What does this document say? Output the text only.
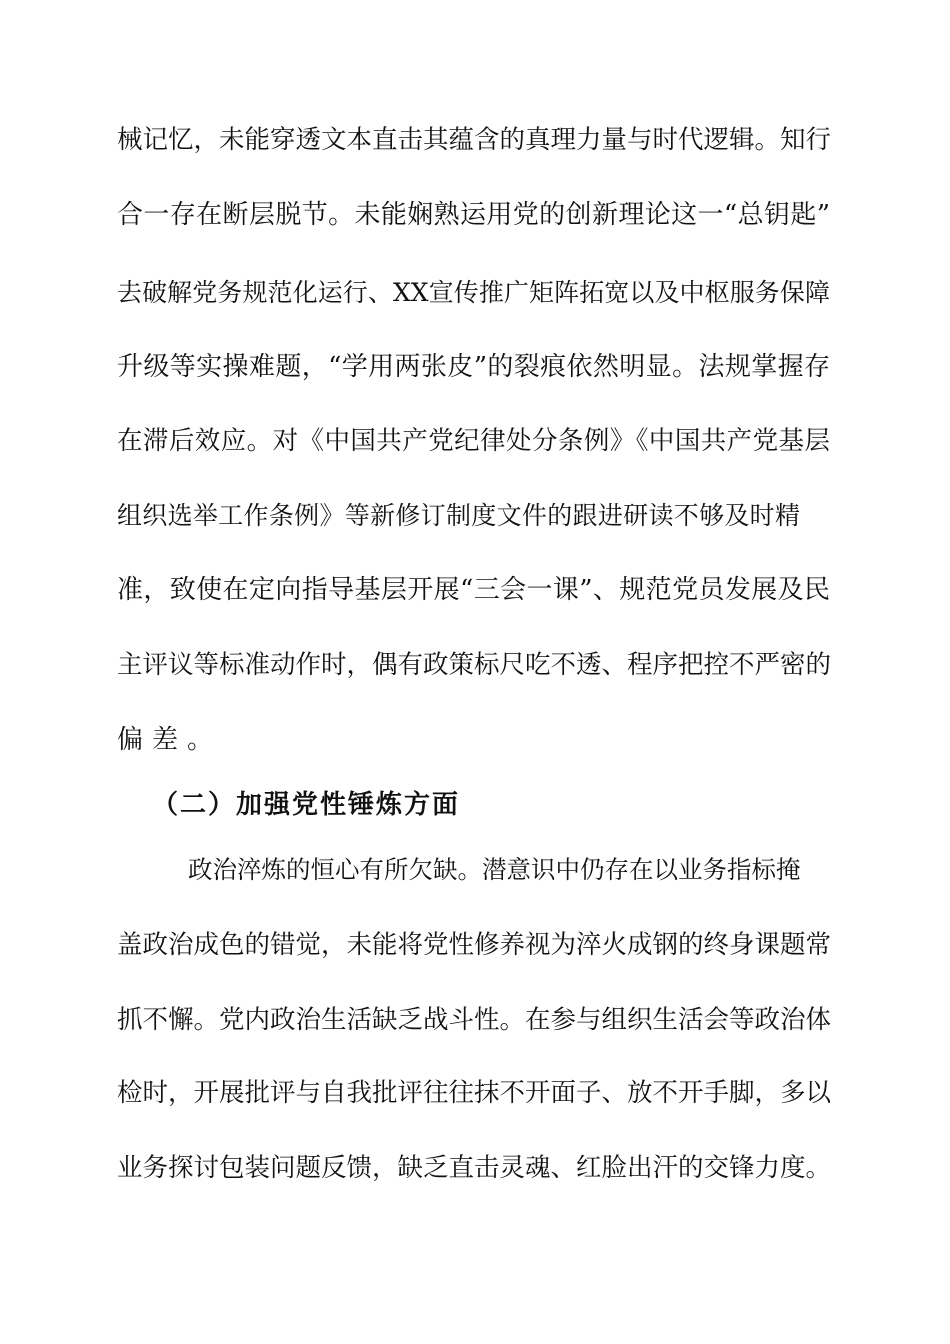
械记忆，未能穿透文本直击其蕴含的真理力量与时代逻辑。知行
合一存在断层脱节。未能娴熟运用党的创新理论这一“总钥匙”
去破解党务规范化运行、XX宣传推广矩阵拓宽以及中枢服务保障
升级等实操难题，“学用两张皮”的裂痕依然明显。法规掌握存
在滞后效应。对《中国共产党纪律处分条例》《中国共产党基层
组织选举工作条例》等新修订制度文件的跟进研读不够及时精
准，致使在定向指导基层开展“三会一课”、规范党员发展及民
主评议等标准动作时，偶有政策标尺吃不透、程序把控不严密的
偏差。
（二）加强党性锤炼方面
政治淬炼的恒心有所欠缺。潜意识中仍存在以业务指标掩
盖政治成色的错觉，未能将党性修养视为淬火成钢的终身课题常
抓不懈。党内政治生活缺乏战斗性。在参与组织生活会等政治体
检时，开展批评与自我批评往往抹不开面子、放不开手脚，多以
业务探讨包装问题反馈，缺乏直击灵魂、红脸出汗的交锋力度。
